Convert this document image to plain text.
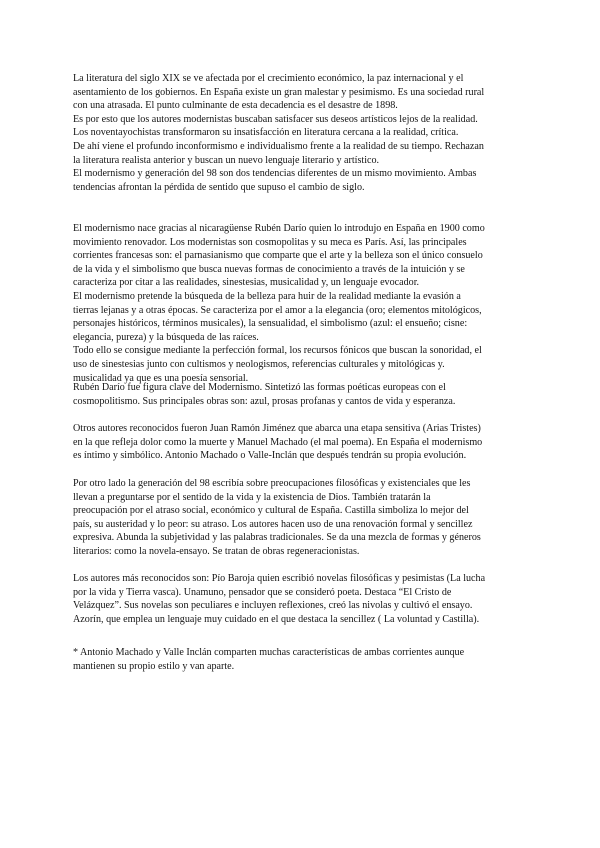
La literatura del siglo XIX se ve afectada por el crecimiento económico, la paz internacional y el
asentamiento de los gobiernos. En España existe un gran malestar y pesimismo. Es una sociedad rural
con una atrasada. El punto culminante de esta decadencia es el desastre de 1898.
Es por esto que los autores modernistas buscaban satisfacer sus deseos artísticos lejos de la realidad.
Los noventayochistas transformaron su insatisfacción en literatura cercana a la realidad, crítica.
De ahí viene el profundo inconformismo e individualismo frente a la realidad de su tiempo. Rechazan
la literatura realista anterior y buscan un nuevo lenguaje literario y artístico.
El modernismo y generación del 98 son dos tendencias diferentes de un mismo movimiento. Ambas
tendencias afrontan la pérdida de sentido que supuso el cambio de siglo.
El modernismo nace gracias al nicaragüense Rubén Darío quien lo introdujo en España en 1900 como
movimiento renovador. Los modernistas son cosmopolitas y su meca es París. Así, las principales
corrientes francesas son: el parnasianismo que comparte que el arte y la belleza son el único consuelo
de la vida y el simbolismo que busca nuevas formas de conocimiento a través de la intuición y se
caracteriza por citar a las realidades, sinestesias, musicalidad y, un lenguaje evocador.
El modernismo pretende la búsqueda de la belleza para huir de la realidad mediante la evasión a
tierras lejanas y a otras épocas. Se caracteriza por el amor a la elegancia (oro; elementos mitológicos,
personajes históricos, términos musicales), la sensualidad, el simbolismo (azul: el ensueño; cisne:
elegancia, pureza) y la búsqueda de las raíces.
Todo ello se consigue mediante la perfección formal, los recursos fónicos que buscan la sonoridad, el
uso de sinestesias junto con cultismos y neologismos, referencias culturales y mitológicas y.
musicalidad ya que es una poesía sensorial.
Rubén Darío fue figura clave del Modernismo. Sintetizó las formas poéticas europeas con el
cosmopolitismo. Sus principales obras son: azul, prosas profanas y cantos de vida y esperanza.
Otros autores reconocidos fueron Juan Ramón Jiménez que abarca una etapa sensitiva (Arias Tristes)
en la que refleja dolor como la muerte y Manuel Machado (el mal poema). En España el modernismo
es íntimo y simbólico. Antonio Machado o Valle-Inclán que después tendrán su propia evolución.
Por otro lado la generación del 98 escribía sobre preocupaciones filosóficas y existenciales que les
llevan a preguntarse por el sentido de la vida y la existencia de Dios. También tratarán la
preocupación por el atraso social, económico y cultural de España. Castilla simboliza lo mejor del
país, su austeridad y lo peor: su atraso. Los autores hacen uso de una renovación formal y sencillez
expresiva. Abunda la subjetividad y las palabras tradicionales. Se da una mezcla de formas y géneros
literarios: como la novela-ensayo. Se tratan de obras regeneracionistas.
Los autores más reconocidos son: Pío Baroja quien escribió novelas filosóficas y pesimistas (La lucha
por la vida y Tierra vasca). Unamuno, pensador que se consideró poeta. Destaca “El Cristo de
Velázquez”. Sus novelas son peculiares e incluyen reflexiones, creó las nivolas y cultivó el ensayo.
Azorín, que emplea un lenguaje muy cuidado en el que destaca la sencillez ( La voluntad y Castilla).
* Antonio Machado y Valle Inclán comparten muchas características de ambas corrientes aunque
mantienen su propio estilo y van aparte.
